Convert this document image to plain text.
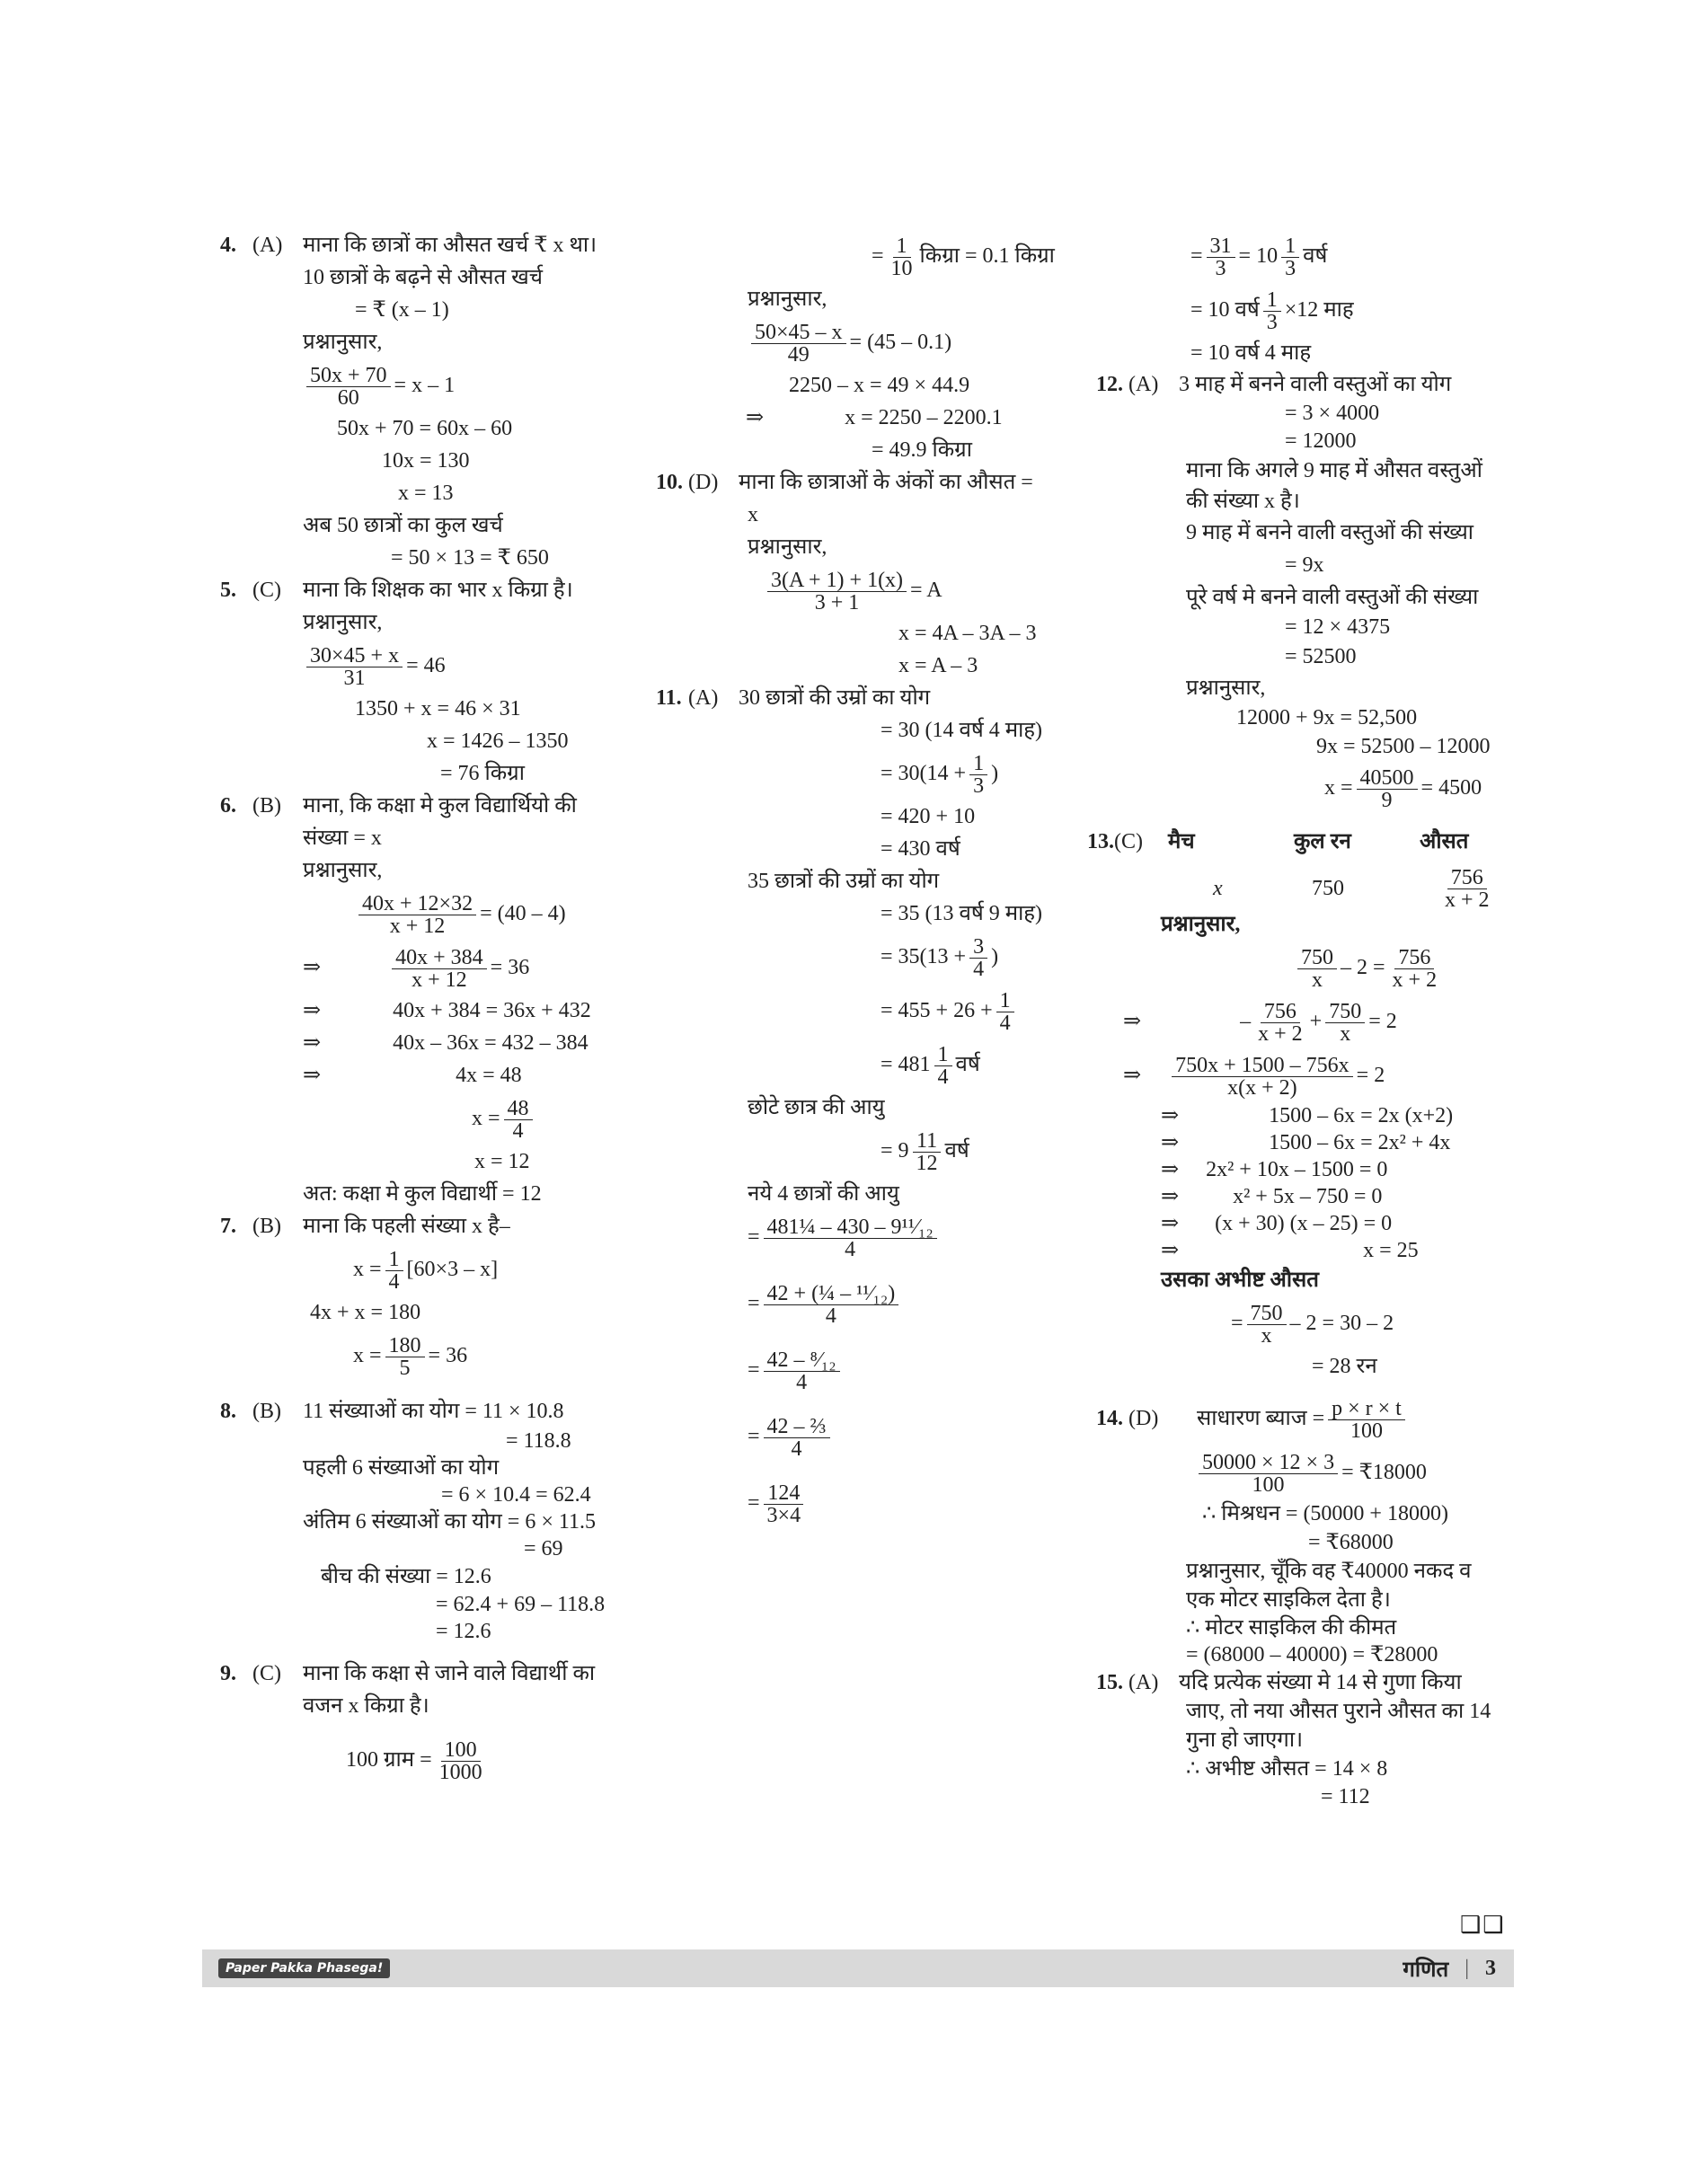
4. (A) माना कि छात्रों का औसत खर्च ₹ x था।
10 छात्रों के बढ़ने से औसत खर्च
= ₹ (x – 1)
प्रश्नानुसार,
$\frac{50x + 70}{60} = x - 1$
50x + 70 = 60x – 60
10x = 130
x = 13
अब 50 छात्रों का कुल खर्च
= 50 × 13 = ₹ 650
5. (C) माना कि शिक्षक का भार x किग्रा है।
प्रश्नानुसार,
$\frac{30\times 45 + x}{31} = 46$
1350 + x = 46 × 31
x = 1426 – 1350
= 76 किग्रा
6. (B) माना, कि कक्षा मे कुल विद्यार्थियो की
संख्या = x
प्रश्नानुसार,
$\frac{40x + 12\times 32}{x + 12} = (40 - 4)$
⇒	$\frac{40x + 384}{x + 12} = 36$
⇒	40x + 384 = 36x + 432
⇒	40x – 36x = 432 – 384
⇒	4x = 48
$x = \frac{48}{4}$
x = 12
अत: कक्षा मे कुल विद्यार्थी = 12
7. (B) माना कि पहली संख्या x है–
$x = \frac{1}{4} [60\times 3 - x]$
4x + x = 180
$x = \frac{180}{5} = 36$
8. (B) 11 संख्याओं का योग = 11 × 10.8
= 118.8
पहली 6 संख्याओं का योग
= 6 × 10.4 = 62.4
अंतिम 6 संख्याओं का योग = 6 × 11.5
= 69
बीच की संख्या = 12.6
= 62.4 + 69 – 118.8
= 12.6
9. (C) माना कि कक्षा से जाने वाले विद्यार्थी का
वजन x किग्रा है।
100 ग्राम = $\frac{100}{1000}$
= $\frac{1}{10}$ किग्रा = 0.1 किग्रा
प्रश्नानुसार,
$\frac{50\times 45 - x}{49} = (45 - 0.1)$
2250 – x = 49 × 44.9
⇒	x = 2250 – 2200.1
= 49.9 किग्रा
10. (D) माना कि छात्राओं के अंकों का औसत =
x
प्रश्नानुसार,
$\frac{3(A + 1) + 1(x)}{3 + 1} = A$
x = 4A – 3A – 3
x = A – 3
11. (A) 30 छात्रों की उम्रों का योग
= 30 (14 वर्ष 4 माह)
= $30(14 + \frac{1}{3}$ )
= 420 + 10
= 430 वर्ष
35 छात्रों की उम्रों का योग
= 35 (13 वर्ष 9 माह)
= $35(13 + \frac{3}{4}$ )
= $455 + 26 + \frac{1}{4}$
= $481 \frac{1}{4}$ वर्ष
छोटे छात्र की आयु
= $9 \frac{11}{12}$ वर्ष
नये 4 छात्रों की आयु
= $\frac{\text{481¼ – 430 – 9¹¹⁄₁₂}}{4}$
= $\frac{\text{42 + (¼ – ¹¹⁄₁₂)}}{4}$
= $\frac{\text{42 – ⁸⁄₁₂}}{4}$
= $\frac{\text{42 – ⅔}}{4}$
= $\frac{124}{3\times 4}$
= $\frac{31}{3} = 10 \frac{1}{3}$ वर्ष
= 10 वर्ष $\frac{1}{3} \times 12$ माह
= 10 वर्ष 4 माह
12. (A) 3 माह में बनने वाली वस्तुओं का योग
= 3 × 4000
= 12000
माना कि अगले 9 माह में औसत वस्तुओं
की संख्या x है।
9 माह में बनने वाली वस्तुओं की संख्या
= 9x
पूरे वर्ष मे बनने वाली वस्तुओं की संख्या
= 12 × 4375
= 52500
प्रश्नानुसार,
12000 + 9x = 52,500
9x = 52500 – 12000
$x = \frac{40500}{9} = 4500$
13. (C)	मैच	कुल रन	औसत
x	750	$\frac{756}{x + 2}$
प्रश्नानुसार,
$\frac{750}{x} - 2 = \frac{756}{x + 2}$
⇒	– $\frac{756}{x + 2} + \frac{750}{x} = 2$
⇒ $\frac{750x + 1500 - 756x}{x(x + 2)} = 2$
⇒	1500 – 6x = 2x (x+2)
⇒	1500 – 6x = 2x² + 4x
⇒ 2x² + 10x – 1500 = 0
⇒	x² + 5x – 750 = 0
⇒ (x + 30) (x – 25) = 0
⇒	x = 25
उसका अभीष्ट औसत
= $\frac{750}{x} - 2 = 30 - 2$
= 28 रन
14. (D) साधारण ब्याज = $\frac{p \times r \times t}{100}$
$\frac{50000 \times 12 \times 3}{100}$ = ₹18000
∴ मिश्रधन = (50000 + 18000)
= ₹68000
प्रश्नानुसार, चूँकि वह ₹40000 नकद व
एक मोटर साइकिल देता है।
∴ मोटर साइकिल की कीमत
= (68000 – 40000) = ₹28000
15. (A) यदि प्रत्येक संख्या मे 14 से गुणा किया
जाए, तो नया औसत पुराने औसत का 14
गुना हो जाएगा।
∴ अभीष्ट औसत = 14 × 8
= 112
❑❑
Paper Pakka Phasega!	गणित | 3
